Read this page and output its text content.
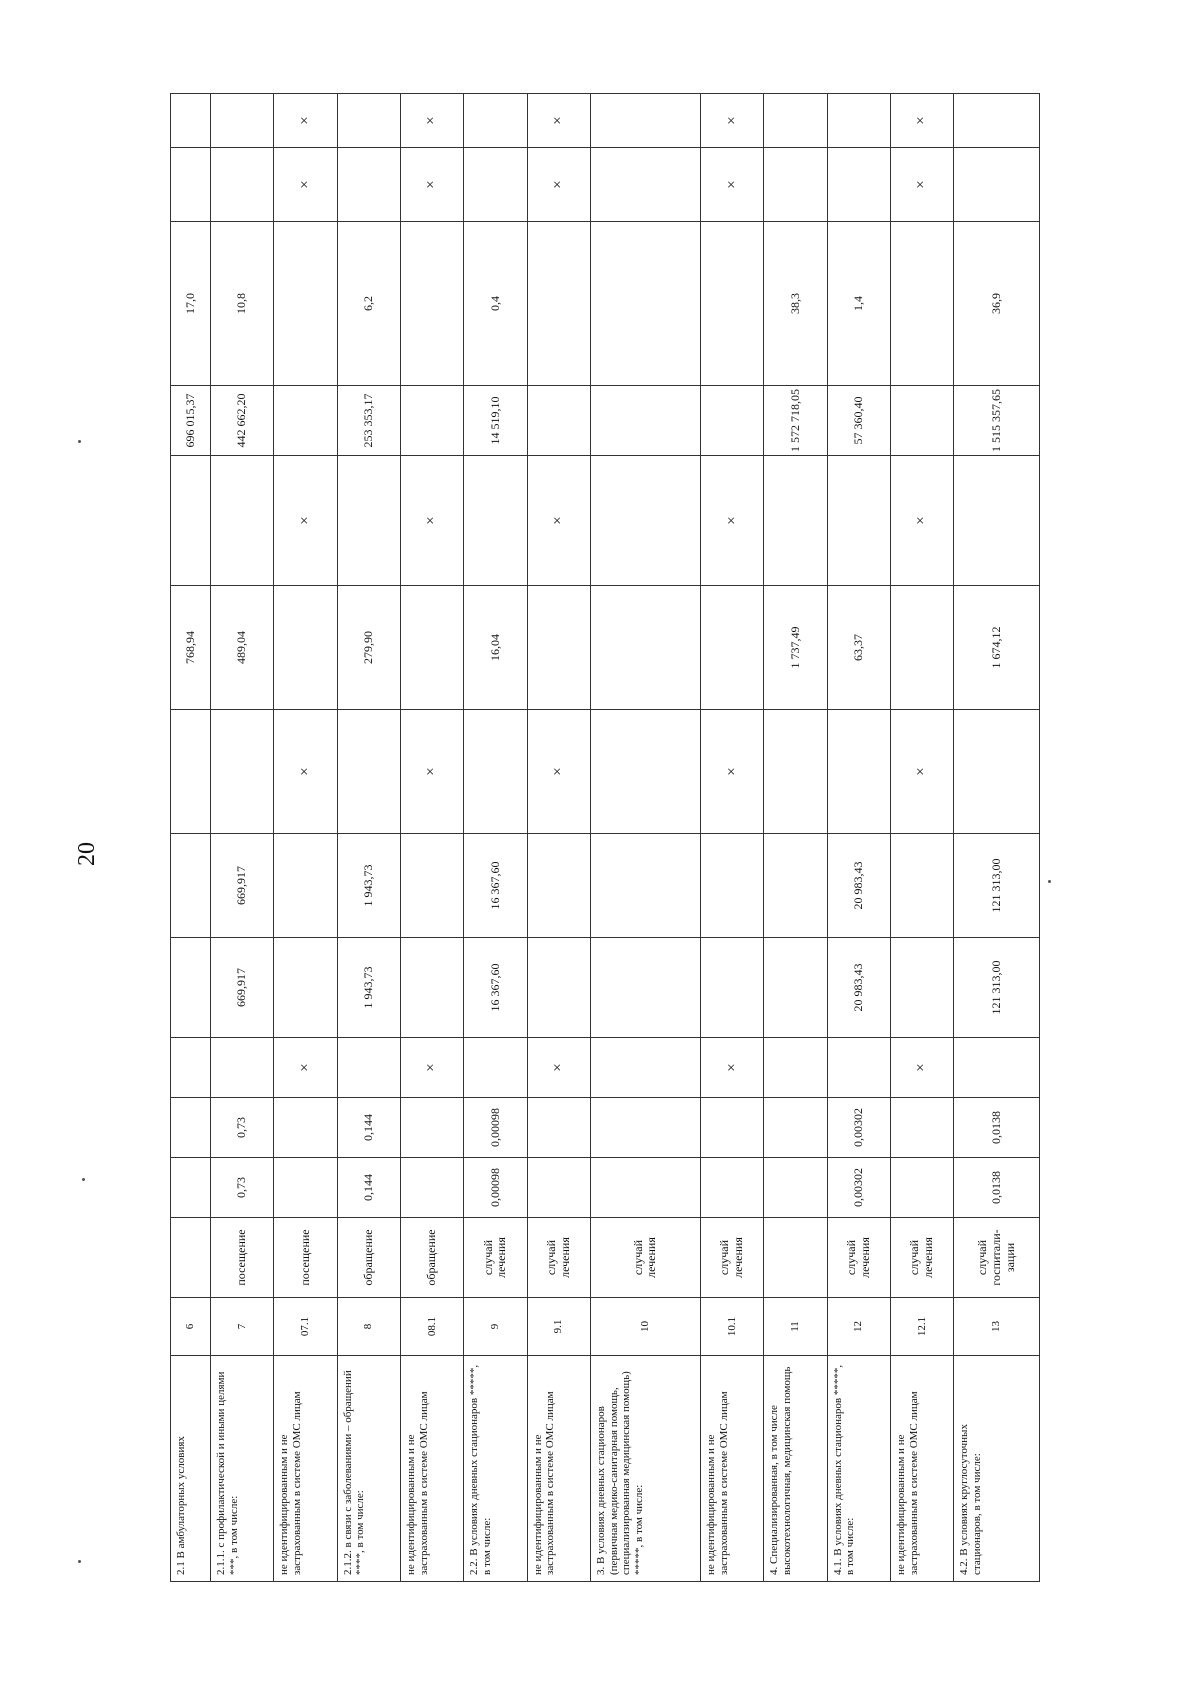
20
2.1 В амбулаторных условиях	6								768,94		696 015,37	17,0		
2.1.1. с профилактической и иными целями ***, в том числе:	7	посещение	0,73	0,73		669,917	669,917		489,04		442 662,20	10,8		
не идентифицированным и не застрахованным в системе ОМС лицам	07.1	посещение			×			×		×			×	×
2.1.2. в связи с заболеваниями – обращений ****, в том числе:	8	обращение	0,144	0,144		1 943,73	1 943,73		279,90		253 353,17	6,2		
не идентифицированным и не застрахованным в системе ОМС лицам	08.1	обращение			×			×		×			×	×
2.2. В условиях дневных стационаров *****, в том числе:	9	случай лечения	0,00098	0,00098		16 367,60	16 367,60		16,04		14 519,10	0,4		
не идентифицированным и не застрахованным в системе ОМС лицам	9.1	случай лечения			×			×		×			×	×
3. В условиях дневных стационаров (первичная медико-санитарная помощь, специализированная медицинская помощь) *****, в том числе:	10	случай лечения												
не идентифицированным и не застрахованным в системе ОМС лицам	10.1	случай лечения			×			×		×			×	×
4. Специализированная, в том числе высокотехнологичная, медицинская помощь	11								1 737,49		1 572 718,05	38,3		
4.1. В условиях дневных стационаров *****, в том числе:	12	случай лечения	0,00302	0,00302		20 983,43	20 983,43		63,37		57 360,40	1,4		
не идентифицированным и не застрахованным в системе ОМС лицам	12.1	случай лечения			×			×		×			×	×
4.2. В условиях круглосуточных стационаров, в том числе:	13	случай госпитали-зации	0,0138	0,0138		121 313,00	121 313,00		1 674,12		1 515 357,65	36,9		
